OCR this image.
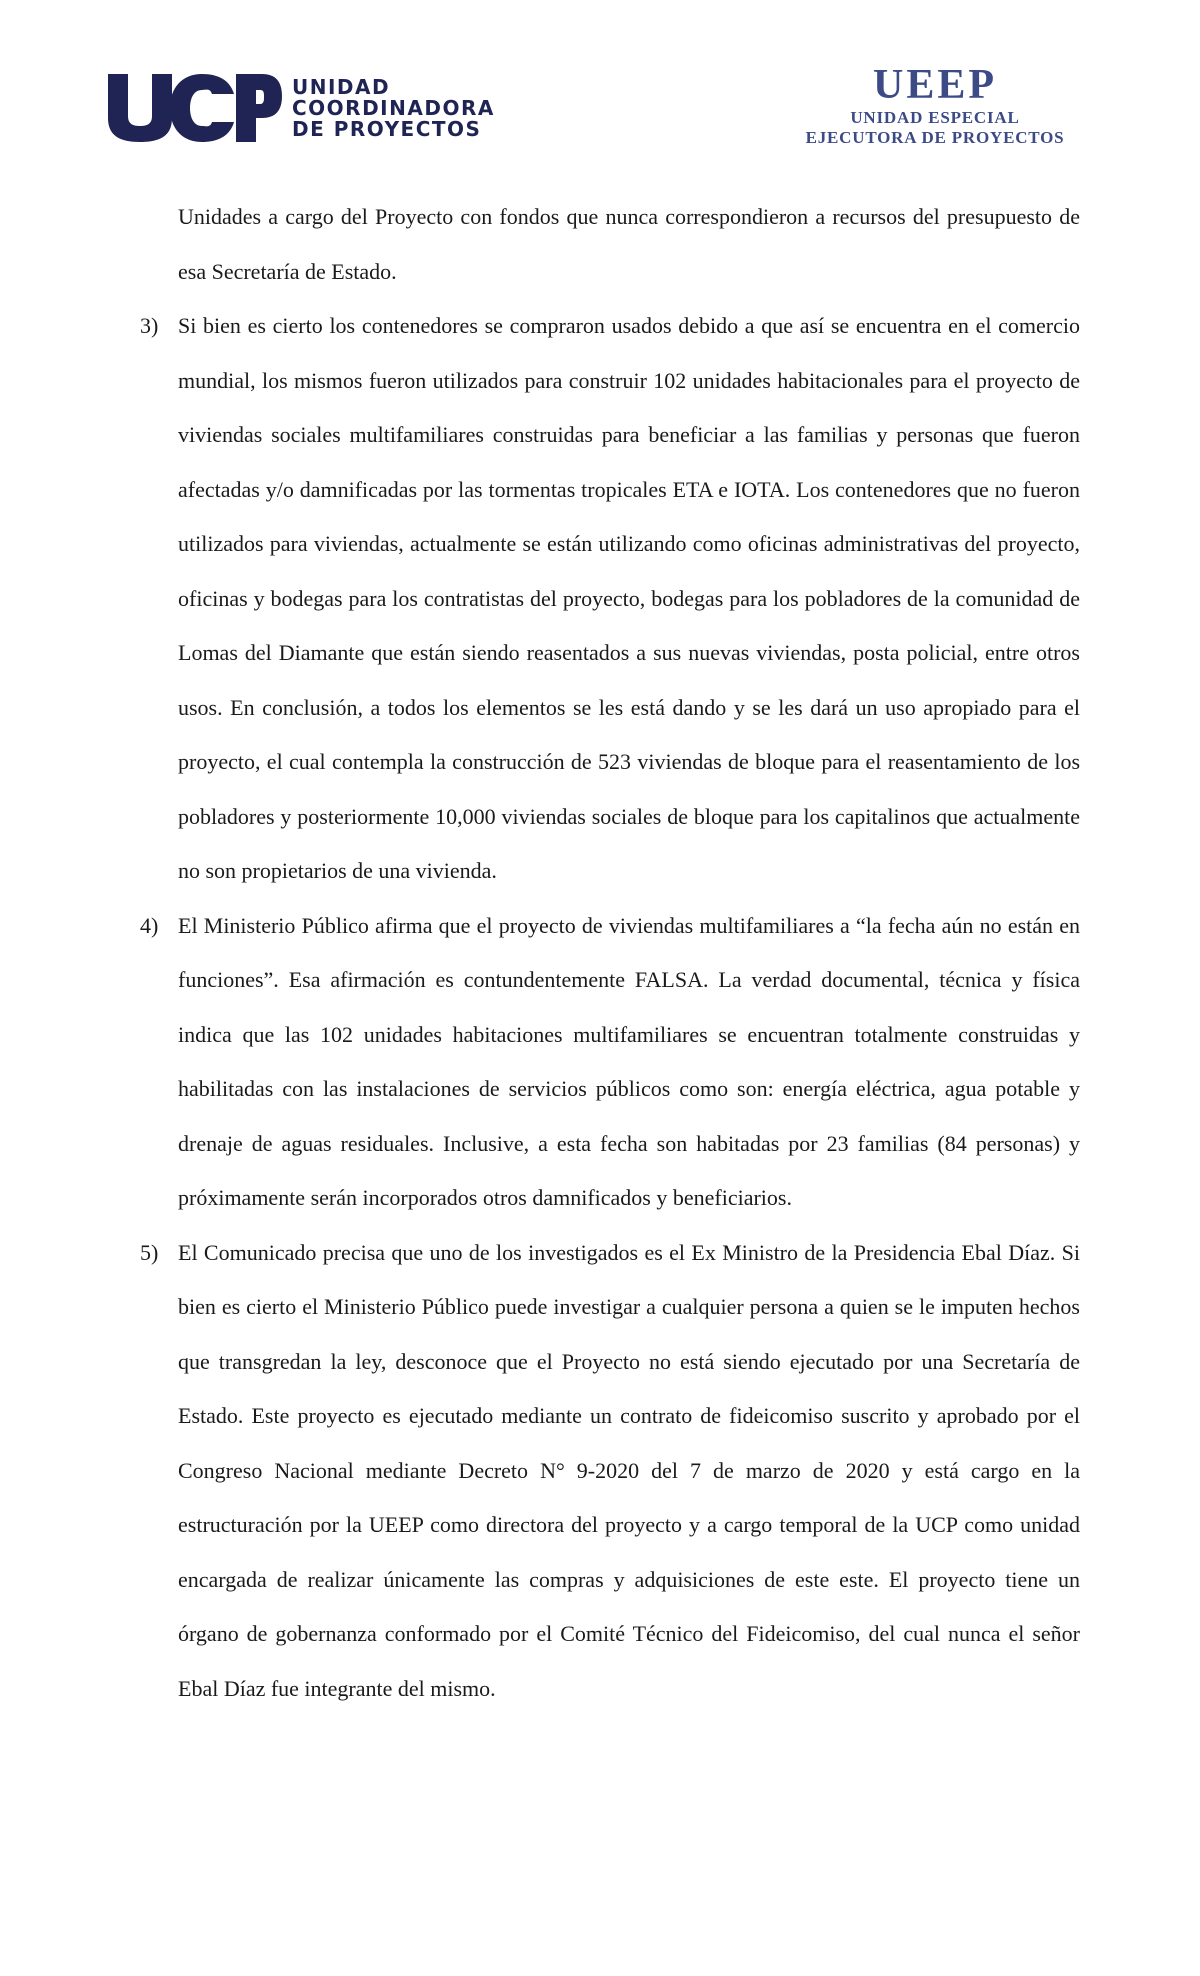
UNIDAD
COORDINADORA
DE PROYECTOS
UEEP
UNIDAD ESPECIAL
EJECUTORA DE PROYECTOS

Unidades a cargo del Proyecto con fondos que nunca correspondieron a recursos del presupuesto de esa Secretaría de Estado.

3) Si bien es cierto los contenedores se compraron usados debido a que así se encuentra en el comercio mundial, los mismos fueron utilizados para construir 102 unidades habitacionales para el proyecto de viviendas sociales multifamiliares construidas para beneficiar a las familias y personas que fueron afectadas y/o damnificadas por las tormentas tropicales ETA e IOTA. Los contenedores que no fueron utilizados para viviendas, actualmente se están utilizando como oficinas administrativas del proyecto, oficinas y bodegas para los contratistas del proyecto, bodegas para los pobladores de la comunidad de Lomas del Diamante que están siendo reasentados a sus nuevas viviendas, posta policial, entre otros usos. En conclusión, a todos los elementos se les está dando y se les dará un uso apropiado para el proyecto, el cual contempla la construcción de 523 viviendas de bloque para el reasentamiento de los pobladores y posteriormente 10,000 viviendas sociales de bloque para los capitalinos que actualmente no son propietarios de una vivienda.
4) El Ministerio Público afirma que el proyecto de viviendas multifamiliares a “la fecha aún no están en funciones”. Esa afirmación es contundentemente FALSA. La verdad documental, técnica y física indica que las 102 unidades habitaciones multifamiliares se encuentran totalmente construidas y habilitadas con las instalaciones de servicios públicos como son: energía eléctrica, agua potable y drenaje de aguas residuales. Inclusive, a esta fecha son habitadas por 23 familias (84 personas) y próximamente serán incorporados otros damnificados y beneficiarios.
5) El Comunicado precisa que uno de los investigados es el Ex Ministro de la Presidencia Ebal Díaz. Si bien es cierto el Ministerio Público puede investigar a cualquier persona a quien se le imputen hechos que transgredan la ley, desconoce que el Proyecto no está siendo ejecutado por una Secretaría de Estado. Este proyecto es ejecutado mediante un contrato de fideicomiso suscrito y aprobado por el Congreso Nacional mediante Decreto N° 9-2020 del 7 de marzo de 2020 y está cargo en la estructuración por la UEEP como directora del proyecto y a cargo temporal de la UCP como unidad encargada de realizar únicamente las compras y adquisiciones de este este. El proyecto tiene un órgano de gobernanza conformado por el Comité Técnico del Fideicomiso, del cual nunca el señor Ebal Díaz fue integrante del mismo.
